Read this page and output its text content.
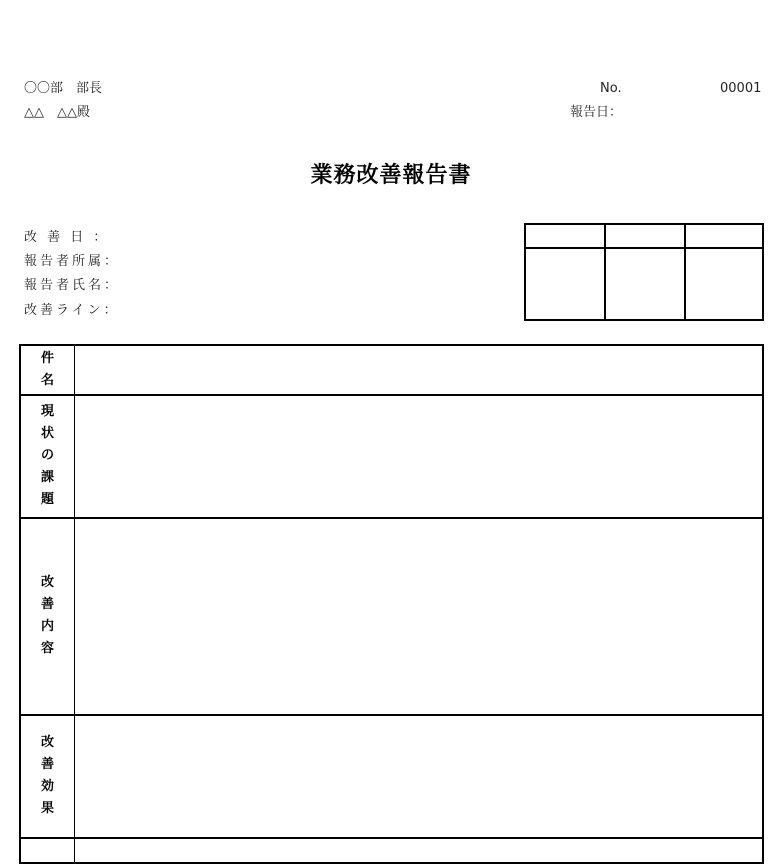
〇〇部　部長
△△　△△殿
No.	00001
報告日：
業務改善報告書
改 善 日 ：
報告者所属：
報告者氏名：
改善ライン：
件
名
現
状
の
課
題
改
善
内
容
改
善
効
果
